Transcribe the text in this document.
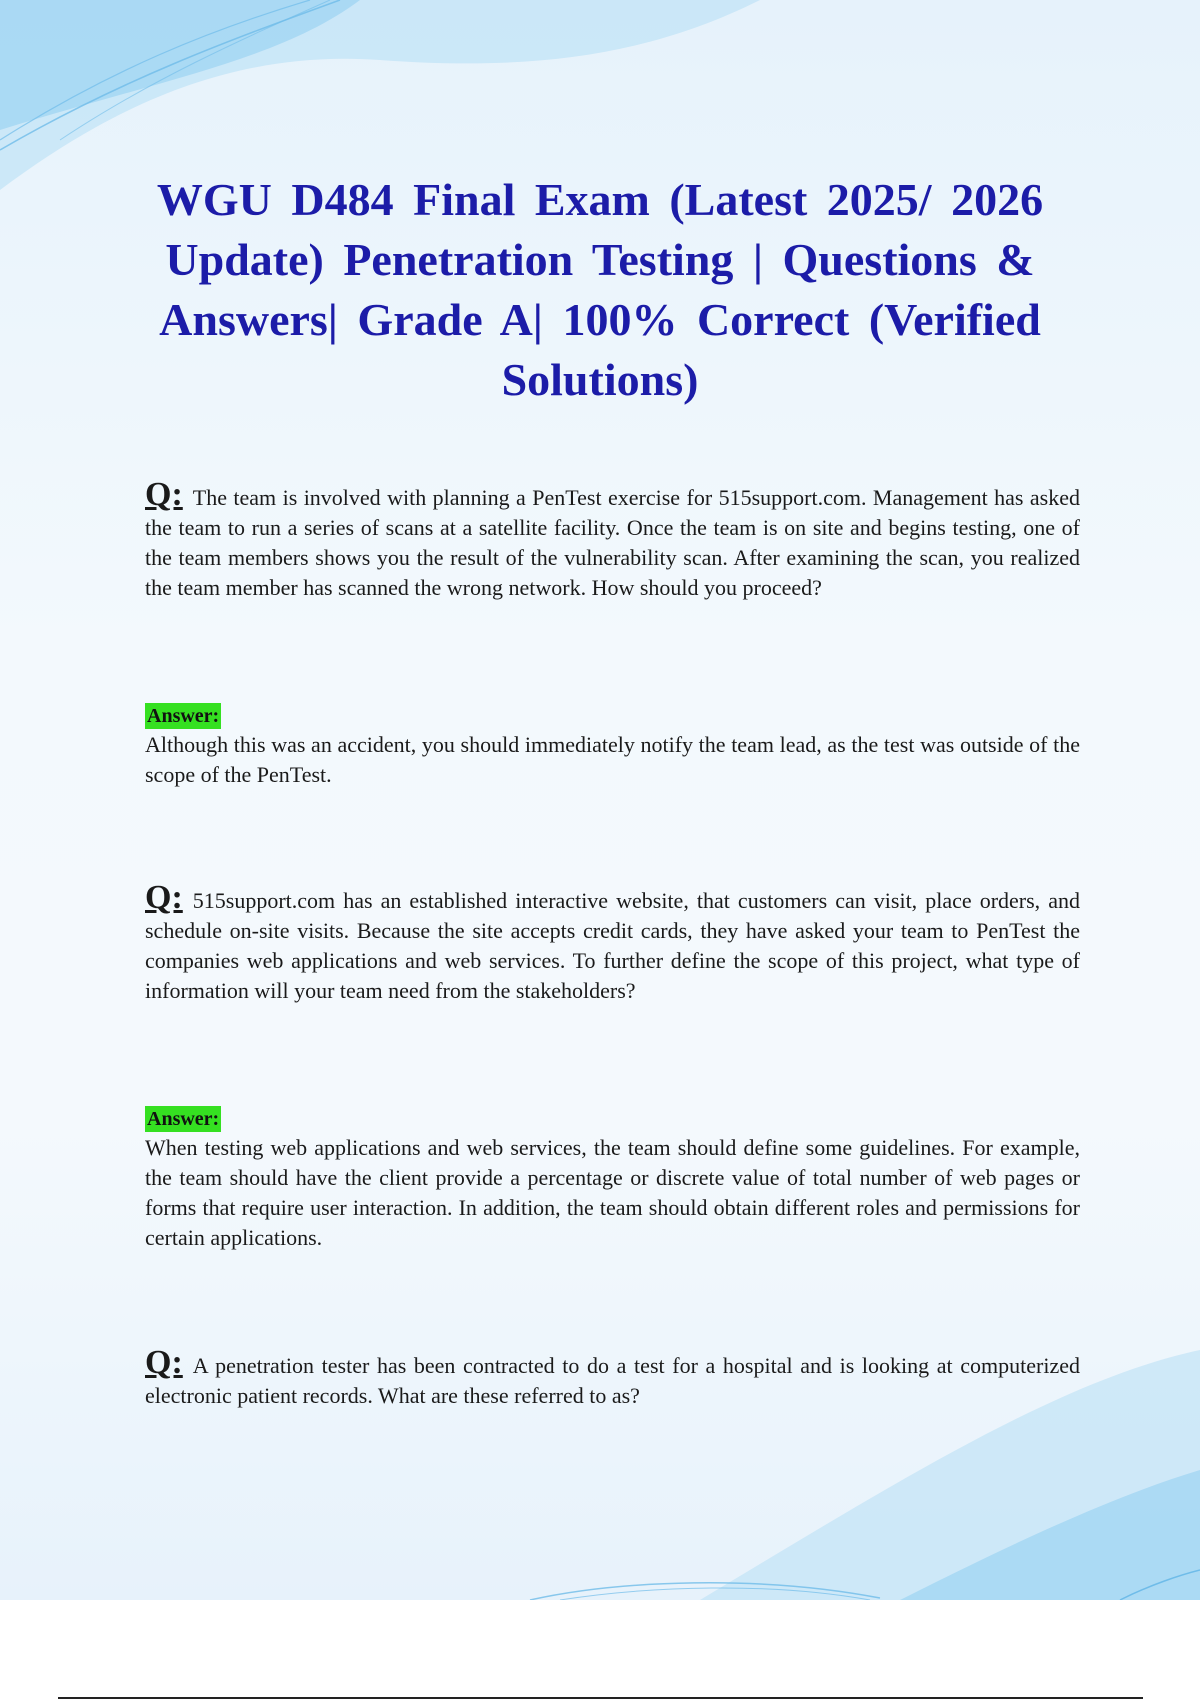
WGU D484 Final Exam (Latest 2025/ 2026 Update) Penetration Testing | Questions & Answers| Grade A| 100% Correct (Verified Solutions)
Q: The team is involved with planning a PenTest exercise for 515support.com. Management has asked the team to run a series of scans at a satellite facility. Once the team is on site and begins testing, one of the team members shows you the result of the vulnerability scan. After examining the scan, you realized the team member has scanned the wrong network. How should you proceed?
Answer:
Although this was an accident, you should immediately notify the team lead, as the test was outside of the scope of the PenTest.
Q: 515support.com has an established interactive website, that customers can visit, place orders, and schedule on-site visits. Because the site accepts credit cards, they have asked your team to PenTest the companies web applications and web services. To further define the scope of this project, what type of information will your team need from the stakeholders?
Answer:
When testing web applications and web services, the team should define some guidelines. For example, the team should have the client provide a percentage or discrete value of total number of web pages or forms that require user interaction. In addition, the team should obtain different roles and permissions for certain applications.
Q: A penetration tester has been contracted to do a test for a hospital and is looking at computerized electronic patient records. What are these referred to as?
